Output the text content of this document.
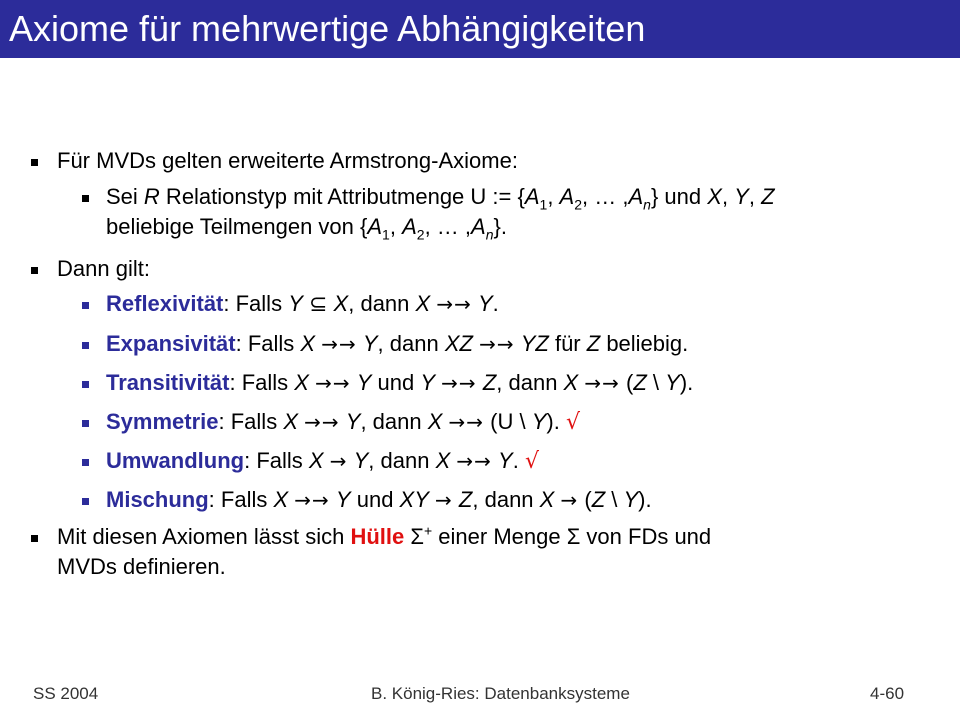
Axiome für mehrwertige Abhängigkeiten
Für MVDs gelten erweiterte Armstrong-Axiome:
Sei R Relationstyp mit Attributmenge U := {$A_1$, $A_2$, … $,A_n$} und X, Y, Z
beliebige Teilmengen von {$A_1$, $A_2$, … $,A_n$}.
Dann gilt:
Reflexivität: Falls Y ⊆ X, dann X →→ Y.
Expansivität: Falls X →→ Y, dann XZ →→ YZ für Z beliebig.
Transitivität: Falls X →→ Y und Y →→ Z, dann X →→ (Z \ Y).
Symmetrie: Falls X →→ Y, dann X →→ (U \ Y). √
Umwandlung: Falls X → Y, dann X →→ Y. √
Mischung: Falls X →→ Y und XY → Z, dann X → (Z \ Y).
Mit diesen Axiomen lässt sich Hülle Σ+ einer Menge Σ von FDs und
MVDs definieren.
SS 2004	B. König-Ries: Datenbanksysteme	4-60
